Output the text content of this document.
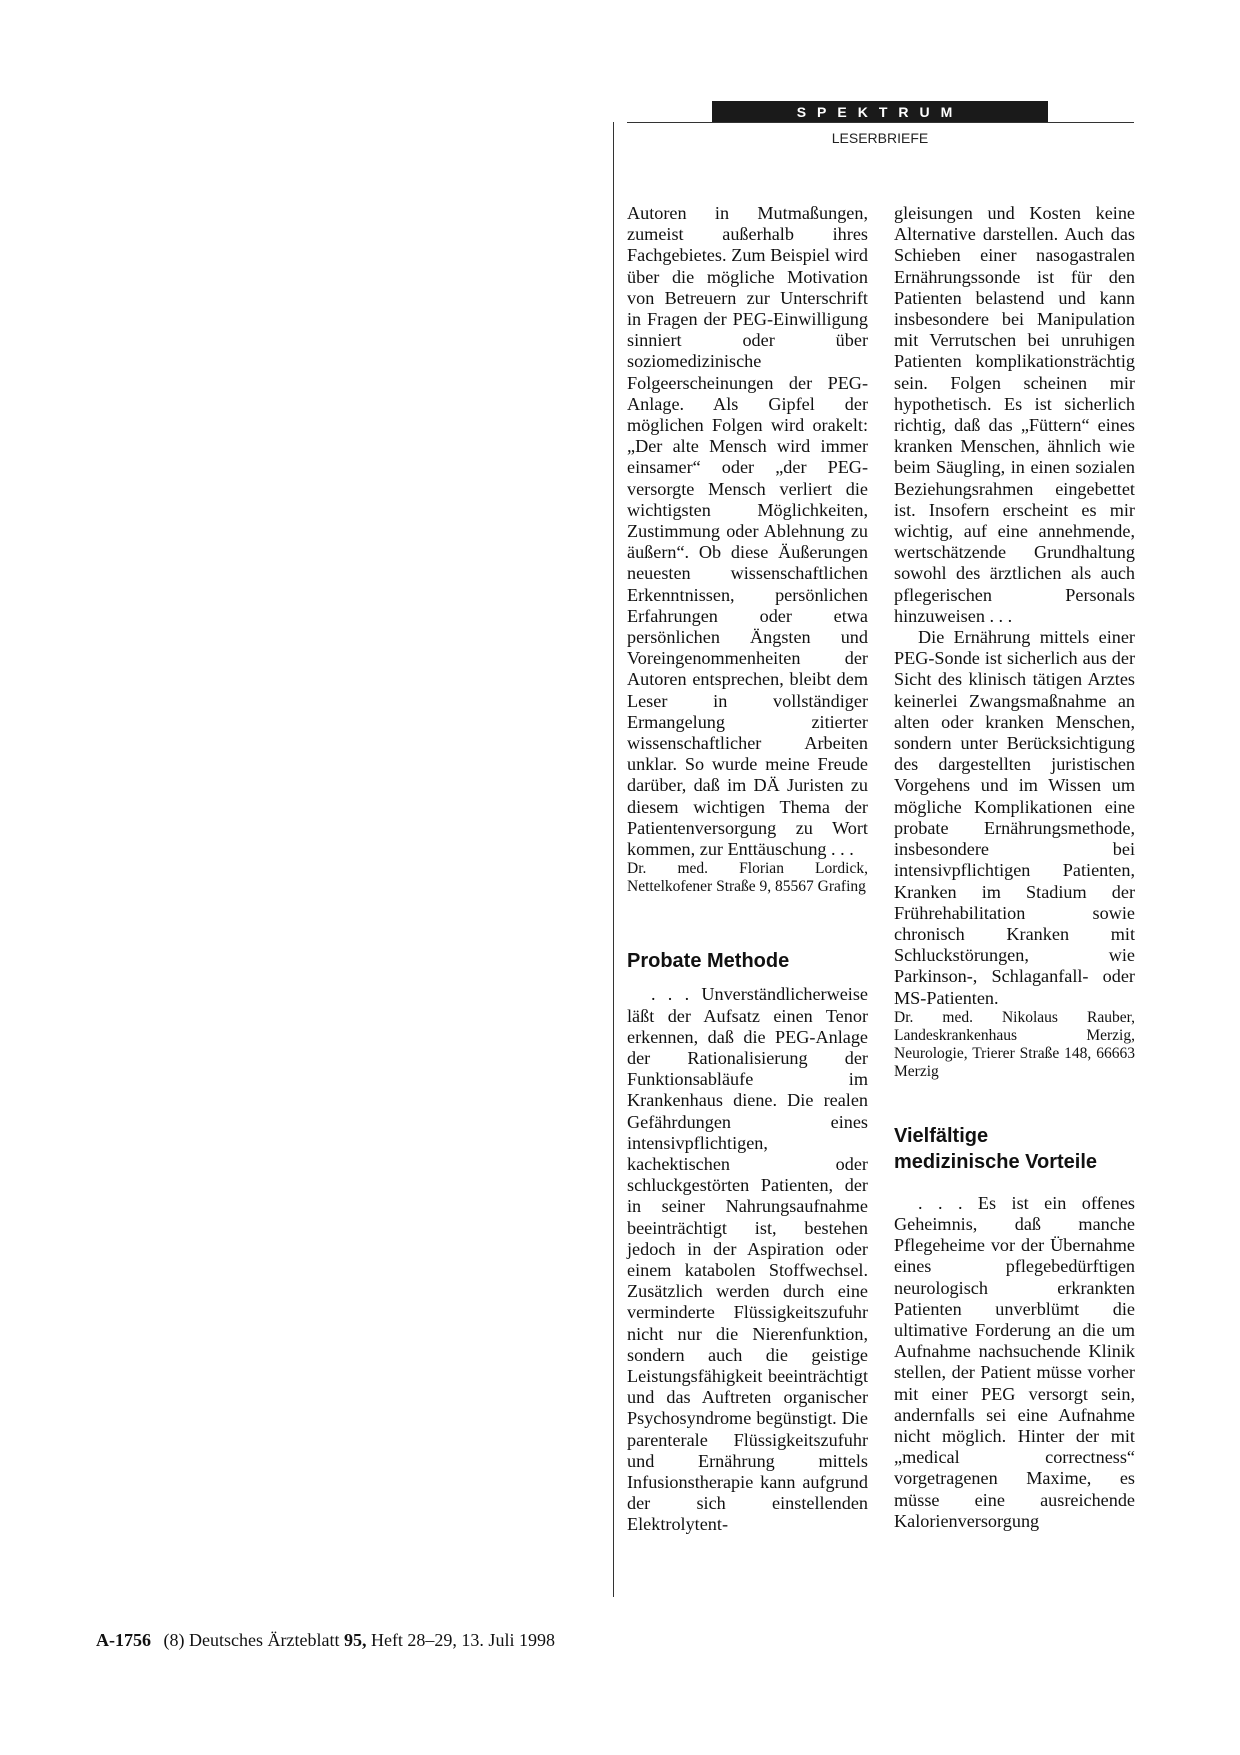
SPEKTRUM
LESERBRIEFE

Autoren in Mutmaßungen, zumeist außerhalb ihres Fachgebietes. Zum Beispiel wird über die mögliche Motivation von Betreuern zur Unterschrift in Fragen der PEG-Einwilligung sinniert oder über soziomedizinische Folgeerscheinungen der PEG-Anlage. Als Gipfel der möglichen Folgen wird orakelt: „Der alte Mensch wird immer einsamer“ oder „der PEG-versorgte Mensch verliert die wichtigsten Möglichkeiten, Zustimmung oder Ablehnung zu äußern“. Ob diese Äußerungen neuesten wissenschaftlichen Erkenntnissen, persönlichen Erfahrungen oder etwa persönlichen Ängsten und Voreingenommenheiten der Autoren entsprechen, bleibt dem Leser in vollständiger Ermangelung zitierter wissenschaftlicher Arbeiten unklar. So wurde meine Freude darüber, daß im DÄ Juristen zu diesem wichtigen Thema der Patientenversorgung zu Wort kommen, zur Enttäuschung . . .

Dr. med. Florian Lordick, Nettelkofener Straße 9, 85567 Grafing

Probate Methode

. . . Unverständlicherweise läßt der Aufsatz einen Tenor erkennen, daß die PEG-Anlage der Rationalisierung der Funktionsabläufe im Krankenhaus diene. Die realen Gefährdungen eines intensivpflichtigen, kachektischen oder schluckgestörten Patienten, der in seiner Nahrungsaufnahme beeinträchtigt ist, bestehen jedoch in der Aspiration oder einem katabolen Stoffwechsel. Zusätzlich werden durch eine verminderte Flüssigkeitszufuhr nicht nur die Nierenfunktion, sondern auch die geistige Leistungsfähigkeit beeinträchtigt und das Auftreten organischer Psychosyndrome begünstigt. Die parenterale Flüssigkeitszufuhr und Ernährung mittels Infusionstherapie kann aufgrund der sich einstellenden Elektrolytent-

gleisungen und Kosten keine Alternative darstellen. Auch das Schieben einer nasogastralen Ernährungssonde ist für den Patienten belastend und kann insbesondere bei Manipulation mit Verrutschen bei unruhigen Patienten komplikationsträchtig sein. Folgen scheinen mir hypothetisch. Es ist sicherlich richtig, daß das „Füttern“ eines kranken Menschen, ähnlich wie beim Säugling, in einen sozialen Beziehungsrahmen eingebettet ist. Insofern erscheint es mir wichtig, auf eine annehmende, wertschätzende Grundhaltung sowohl des ärztlichen als auch pflegerischen Personals hinzuweisen . . .

Die Ernährung mittels einer PEG-Sonde ist sicherlich aus der Sicht des klinisch tätigen Arztes keinerlei Zwangsmaßnahme an alten oder kranken Menschen, sondern unter Berücksichtigung des dargestellten juristischen Vorgehens und im Wissen um mögliche Komplikationen eine probate Ernährungsmethode, insbesondere bei intensivpflichtigen Patienten, Kranken im Stadium der Frührehabilitation sowie chronisch Kranken mit Schluckstörungen, wie Parkinson-, Schlaganfall- oder MS-Patienten.

Dr. med. Nikolaus Rauber, Landeskrankenhaus Merzig, Neurologie, Trierer Straße 148, 66663 Merzig

Vielfältige
medizinische Vorteile

. . . Es ist ein offenes Geheimnis, daß manche Pflegeheime vor der Übernahme eines pflegebedürftigen neurologisch erkrankten Patienten unverblümt die ultimative Forderung an die um Aufnahme nachsuchende Klinik stellen, der Patient müsse vorher mit einer PEG versorgt sein, andernfalls sei eine Aufnahme nicht möglich. Hinter der mit „medical correctness“ vorgetragenen Maxime, es müsse eine ausreichende Kalorienversorgung

A-1756 (8) Deutsches Ärzteblatt 95, Heft 28–29, 13. Juli 1998
